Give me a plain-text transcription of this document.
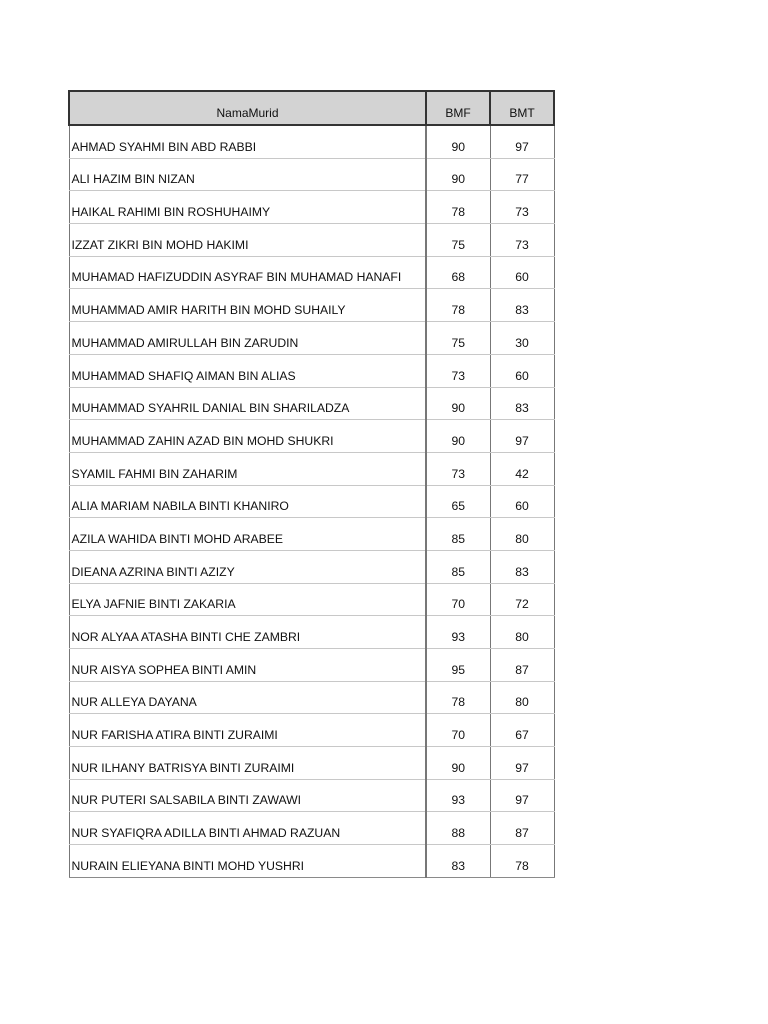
NamaMurid	BMF	BMT
AHMAD SYAHMI BIN ABD RABBI	90	97
ALI HAZIM BIN NIZAN	90	77
HAIKAL RAHIMI BIN ROSHUHAIMY	78	73
IZZAT ZIKRI BIN MOHD HAKIMI	75	73
MUHAMAD HAFIZUDDIN ASYRAF BIN MUHAMAD HANAFI	68	60
MUHAMMAD AMIR HARITH BIN MOHD SUHAILY	78	83
MUHAMMAD AMIRULLAH BIN ZARUDIN	75	30
MUHAMMAD SHAFIQ AIMAN BIN ALIAS	73	60
MUHAMMAD SYAHRIL DANIAL BIN SHARILADZA	90	83
MUHAMMAD ZAHIN AZAD BIN MOHD SHUKRI	90	97
SYAMIL FAHMI BIN ZAHARIM	73	42
ALIA MARIAM NABILA BINTI KHANIRO	65	60
AZILA WAHIDA BINTI MOHD ARABEE	85	80
DIEANA AZRINA BINTI AZIZY	85	83
ELYA JAFNIE BINTI ZAKARIA	70	72
NOR ALYAA ATASHA BINTI CHE ZAMBRI	93	80
NUR AISYA SOPHEA BINTI AMIN	95	87
NUR ALLEYA DAYANA	78	80
NUR FARISHA ATIRA BINTI ZURAIMI	70	67
NUR ILHANY BATRISYA BINTI ZURAIMI	90	97
NUR PUTERI SALSABILA BINTI ZAWAWI	93	97
NUR SYAFIQRA ADILLA BINTI AHMAD RAZUAN	88	87
NURAIN ELIEYANA BINTI MOHD YUSHRI	83	78
